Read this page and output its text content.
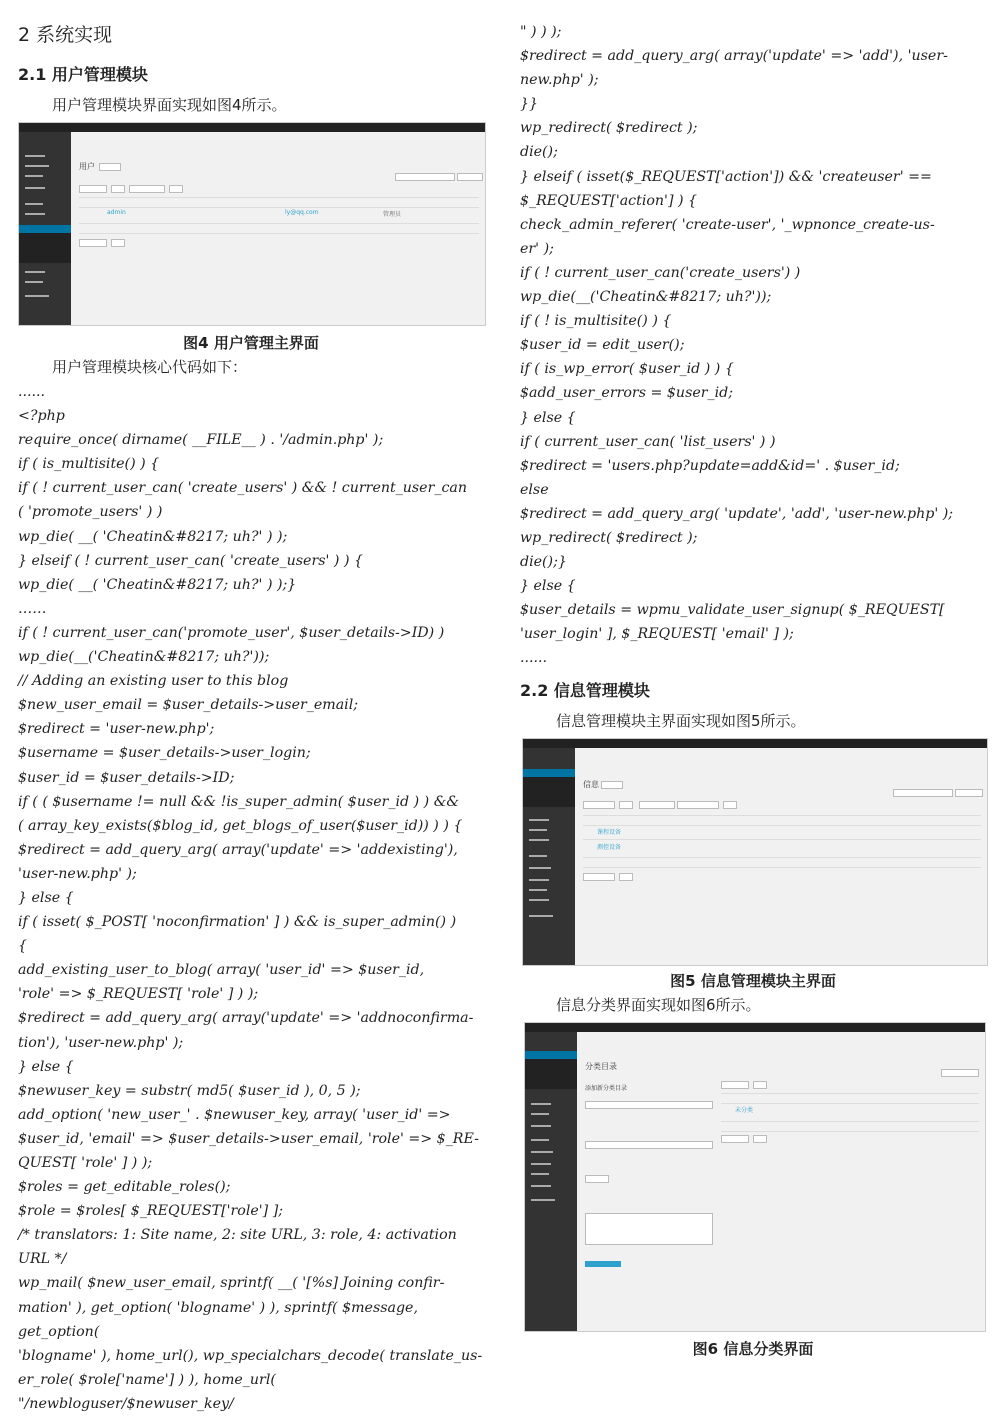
2 系统实现
2.1 用户管理模块
用户管理模块界面实现如图4所示。
用户
admin	ly@qq.com	管理员
图4 用户管理主界面
用户管理模块核心代码如下：
......
<?php
require_once( dirname( __FILE__ ) . '/admin.php' );
if ( is_multisite() ) {
if ( ! current_user_can( 'create_users' ) && ! current_user_can
( 'promote_users' ) )
wp_die( __( 'Cheatin&#8217; uh?' ) );
} elseif ( ! current_user_can( 'create_users' ) ) {
wp_die( __( 'Cheatin&#8217; uh?' ) );}
……
if ( ! current_user_can('promote_user', $user_details->ID) )
wp_die(__('Cheatin&#8217; uh?'));
// Adding an existing user to this blog
$new_user_email = $user_details->user_email;
$redirect = 'user-new.php';
$username = $user_details->user_login;
$user_id = $user_details->ID;
if ( ( $username != null && !is_super_admin( $user_id ) ) &&
( array_key_exists($blog_id, get_blogs_of_user($user_id)) ) ) {
$redirect = add_query_arg( array('update' => 'addexisting'),
'user-new.php' );
} else {
if ( isset( $_POST[ 'noconfirmation' ] ) && is_super_admin() )
{
add_existing_user_to_blog( array( 'user_id' => $user_id,
'role' => $_REQUEST[ 'role' ] ) );
$redirect = add_query_arg( array('update' => 'addnoconfirma-
tion'), 'user-new.php' );
} else {
$newuser_key = substr( md5( $user_id ), 0, 5 );
add_option( 'new_user_' . $newuser_key, array( 'user_id' =>
$user_id, 'email' => $user_details->user_email, 'role' => $_RE-
QUEST[ 'role' ] ) );
$roles = get_editable_roles();
$role = $roles[ $_REQUEST['role'] ];
/* translators: 1: Site name, 2: site URL, 3: role, 4: activation
URL */
wp_mail( $new_user_email, sprintf( __( '[%s] Joining confir-
mation' ), get_option( 'blogname' ) ), sprintf( $message, get_option(
'blogname' ), home_url(), wp_specialchars_decode( translate_us-
er_role( $role['name'] ) ), home_url( "/newbloguser/$newuser_key/
" ) ) );
$redirect = add_query_arg( array('update' => 'add'), 'user-
new.php' );
}}
wp_redirect( $redirect );
die();
} elseif ( isset($_REQUEST['action']) && 'createuser' ==
$_REQUEST['action'] ) {
check_admin_referer( 'create-user', '_wpnonce_create-us-
er' );
if ( ! current_user_can('create_users') )
wp_die(__('Cheatin&#8217; uh?'));
if ( ! is_multisite() ) {
$user_id = edit_user();
if ( is_wp_error( $user_id ) ) {
$add_user_errors = $user_id;
} else {
if ( current_user_can( 'list_users' ) )
$redirect = 'users.php?update=add&id=' . $user_id;
else
$redirect = add_query_arg( 'update', 'add', 'user-new.php' );
wp_redirect( $redirect );
die();}
} else {
$user_details = wpmu_validate_user_signup( $_REQUEST[
'user_login' ], $_REQUEST[ 'email' ] );
......
2.2 信息管理模块
信息管理模块主界面实现如图5所示。
信息
课程设备
测控设备
图5 信息管理模块主界面
信息分类界面实现如图6所示。
分类目录
添加新分类目录
未分类
图6 信息分类界面
